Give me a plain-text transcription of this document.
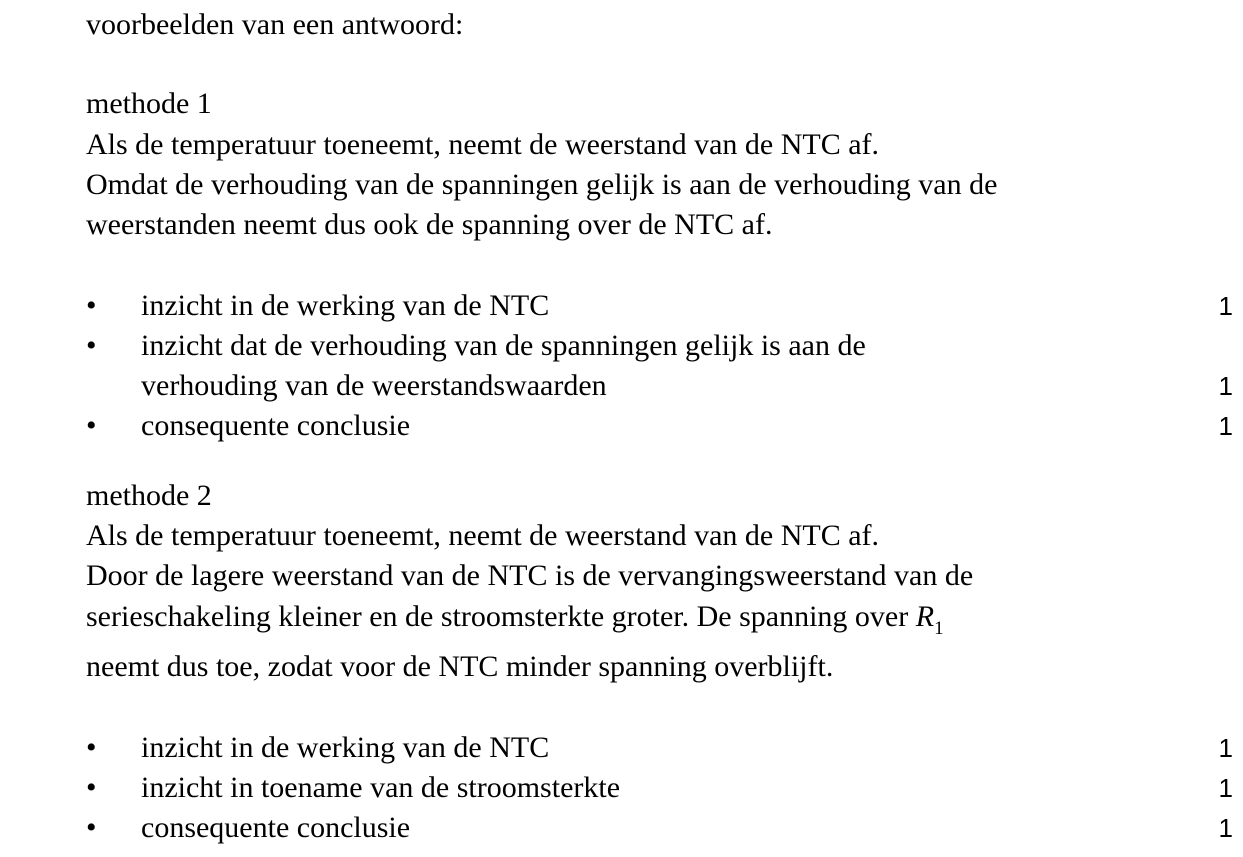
voorbeelden van een antwoord:
methode 1
Als de temperatuur toeneemt, neemt de weerstand van de NTC af.
Omdat de verhouding van de spanningen gelijk is aan de verhouding van de
weerstanden neemt dus ook de spanning over de NTC af.
• inzicht in de werking van de NTC	1
• inzicht dat de verhouding van de spanningen gelijk is aan de
verhouding van de weerstandswaarden	1
• consequente conclusie	1
methode 2
Als de temperatuur toeneemt, neemt de weerstand van de NTC af.
Door de lagere weerstand van de NTC is de vervangingsweerstand van de
serieschakeling kleiner en de stroomsterkte groter. De spanning over $R_1$
neemt dus toe, zodat voor de NTC minder spanning overblijft.
• inzicht in de werking van de NTC	1
• inzicht in toename van de stroomsterkte	1
• consequente conclusie	1
